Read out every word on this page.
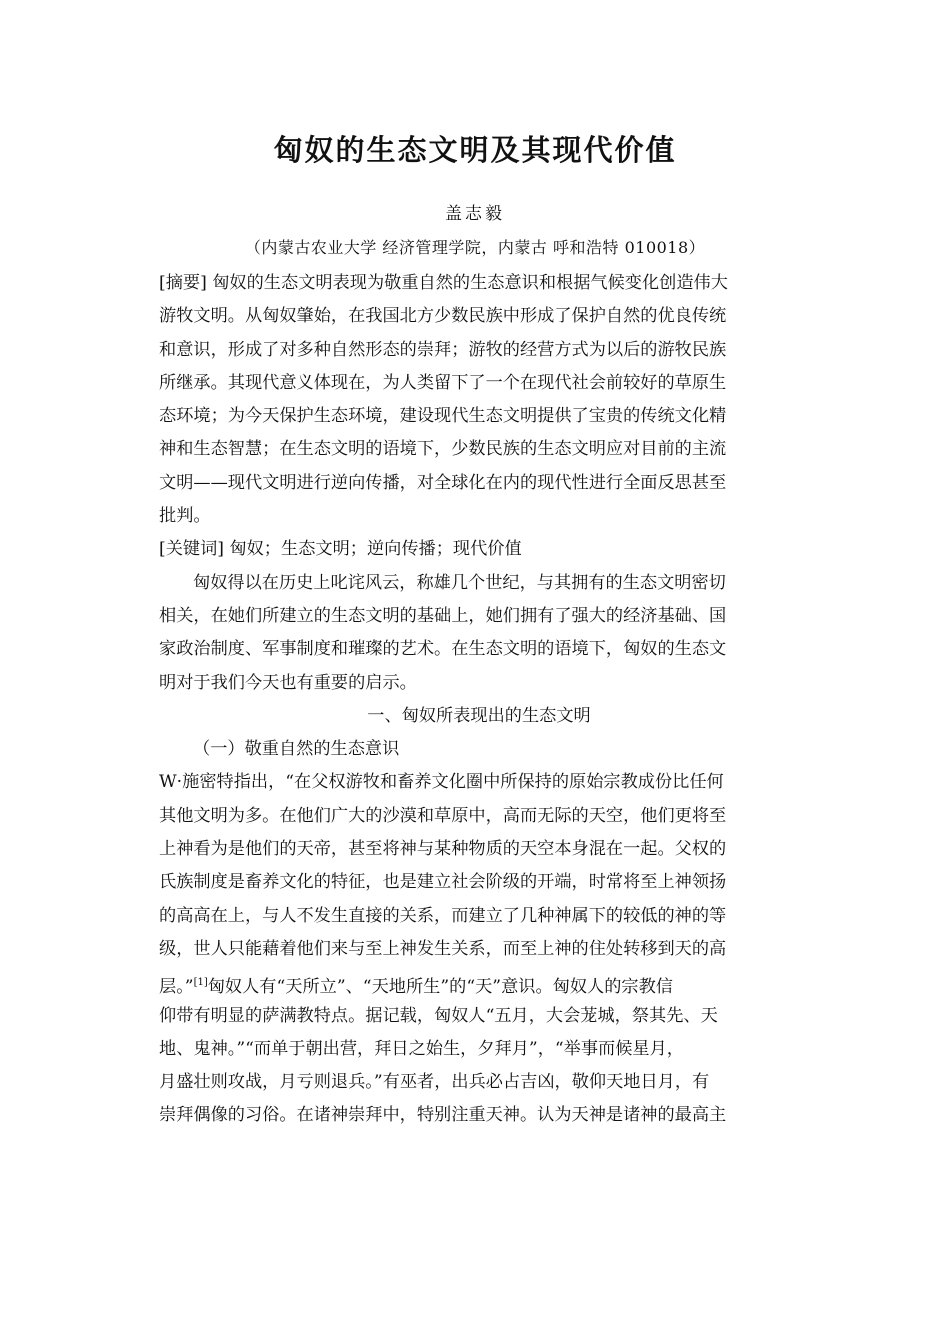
匈奴的生态文明及其现代价值

盖志毅

（内蒙古农业大学 经济管理学院，内蒙古 呼和浩特 010018）

[摘要] 匈奴的生态文明表现为敬重自然的生态意识和根据气候变化创造伟大
游牧文明。从匈奴肇始，在我国北方少数民族中形成了保护自然的优良传统
和意识，形成了对多种自然形态的崇拜；游牧的经营方式为以后的游牧民族
所继承。其现代意义体现在，为人类留下了一个在现代社会前较好的草原生
态环境；为今天保护生态环境，建设现代生态文明提供了宝贵的传统文化精
神和生态智慧；在生态文明的语境下，少数民族的生态文明应对目前的主流
文明——现代文明进行逆向传播，对全球化在内的现代性进行全面反思甚至
批判。
[关键词] 匈奴；生态文明；逆向传播；现代价值
匈奴得以在历史上叱诧风云，称雄几个世纪，与其拥有的生态文明密切
相关，在她们所建立的生态文明的基础上，她们拥有了强大的经济基础、国
家政治制度、军事制度和璀璨的艺术。在生态文明的语境下，匈奴的生态文
明对于我们今天也有重要的启示。
一、匈奴所表现出的生态文明
（一）敬重自然的生态意识
W·施密特指出，“在父权游牧和畜养文化圈中所保持的原始宗教成份比任何
其他文明为多。在他们广大的沙漠和草原中，高而无际的天空，他们更将至
上神看为是他们的天帝，甚至将神与某种物质的天空本身混在一起。父权的
氏族制度是畜养文化的特征，也是建立社会阶级的开端，时常将至上神领扬
的高高在上，与人不发生直接的关系，而建立了几种神属下的较低的神的等
级，世人只能藉着他们来与至上神发生关系，而至上神的住处转移到天的高
层。”[1]匈奴人有“天所立”、“天地所生”的“天”意识。匈奴人的宗教信
仰带有明显的萨满教特点。据记载，匈奴人“五月，大会茏城，祭其先、天
地、鬼神。”“而单于朝出营，拜日之始生，夕拜月”，“举事而候星月，
月盛壮则攻战，月亏则退兵。”有巫者，出兵必占吉凶，敬仰天地日月，有
崇拜偶像的习俗。在诸神崇拜中，特别注重天神。认为天神是诸神的最高主
